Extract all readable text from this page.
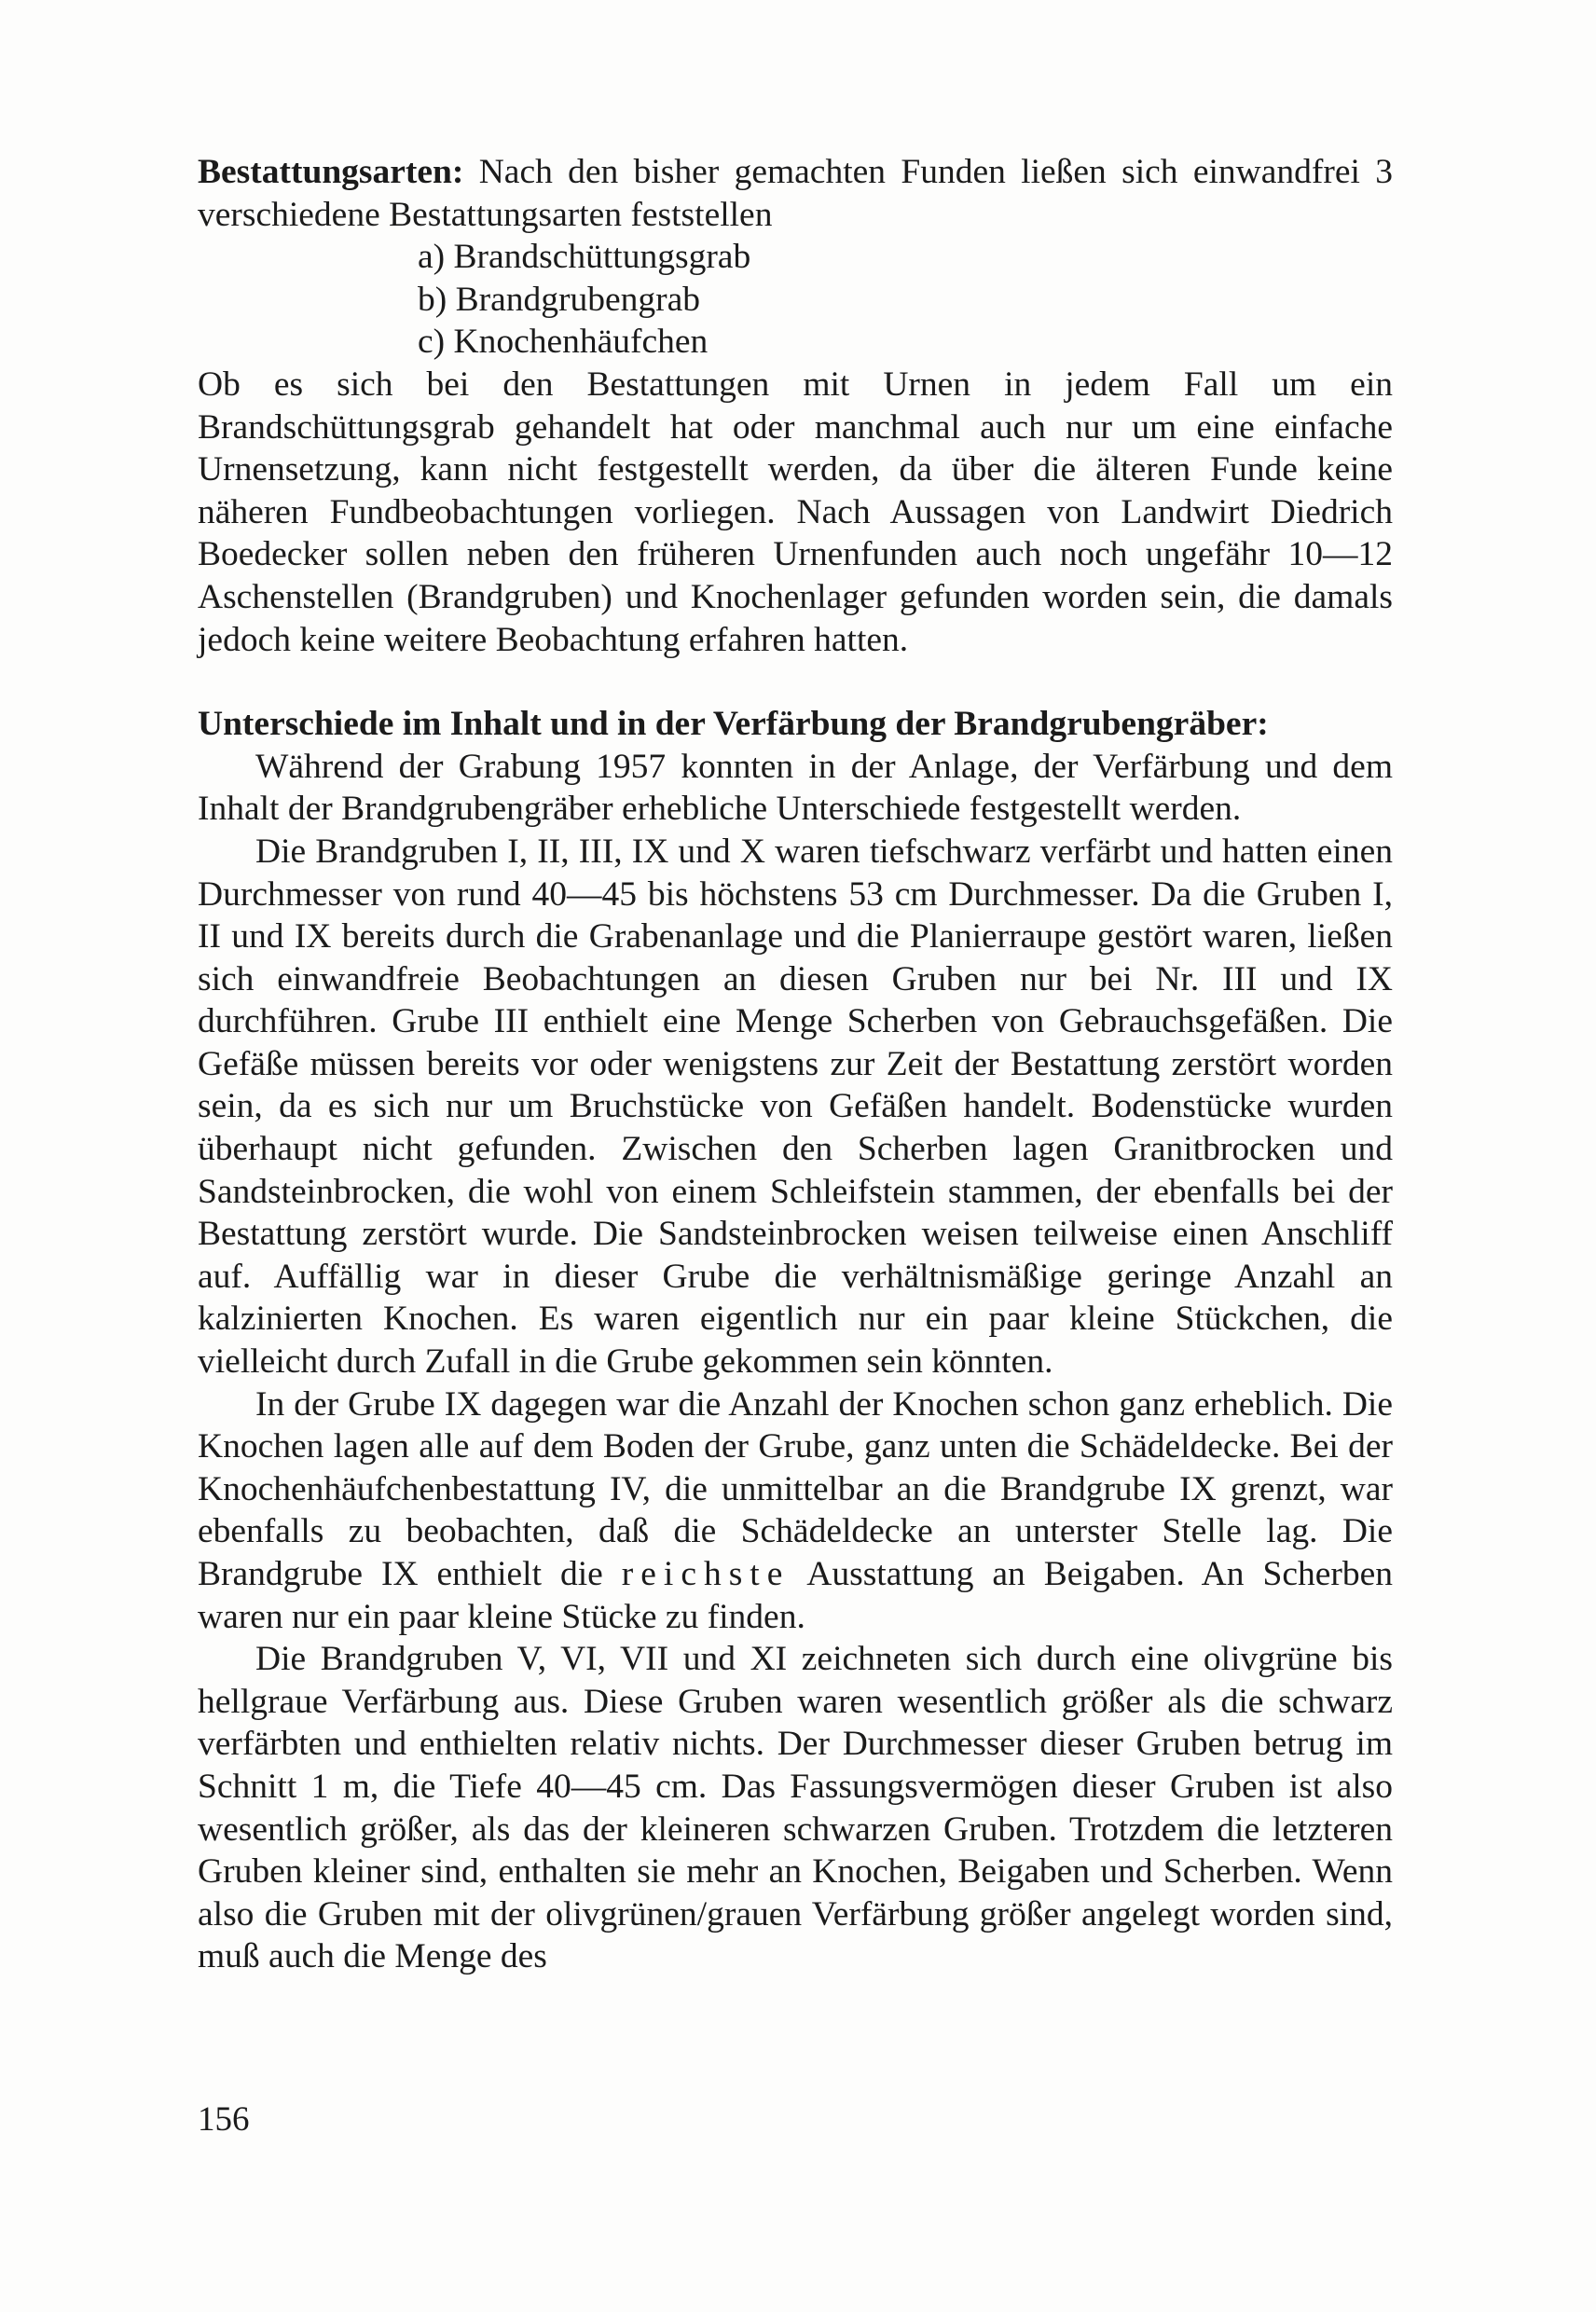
Bestattungsarten: Nach den bisher gemachten Funden ließen sich einwandfrei 3 verschiedene Bestattungsarten feststellen

a) Brandschüttungsgrab

b) Brandgrubengrab

c) Knochenhäufchen

Ob es sich bei den Bestattungen mit Urnen in jedem Fall um ein Brandschüttungsgrab gehandelt hat oder manchmal auch nur um eine einfache Urnensetzung, kann nicht festgestellt werden, da über die älteren Funde keine näheren Fundbeobachtungen vorliegen. Nach Aussagen von Landwirt Diedrich Boedecker sollen neben den früheren Urnenfunden auch noch ungefähr 10—12 Aschenstellen (Brandgruben) und Knochenlager gefunden worden sein, die damals jedoch keine weitere Beobachtung erfahren hatten.

Unterschiede im Inhalt und in der Verfärbung der Brandgrubengräber:

Während der Grabung 1957 konnten in der Anlage, der Verfärbung und dem Inhalt der Brandgrubengräber erhebliche Unterschiede festgestellt werden.

Die Brandgruben I, II, III, IX und X waren tiefschwarz verfärbt und hatten einen Durchmesser von rund 40—45 bis höchstens 53 cm Durchmesser. Da die Gruben I, II und IX bereits durch die Grabenanlage und die Planierraupe gestört waren, ließen sich einwandfreie Beobachtungen an diesen Gruben nur bei Nr. III und IX durchführen. Grube III enthielt eine Menge Scherben von Gebrauchsgefäßen. Die Gefäße müssen bereits vor oder wenigstens zur Zeit der Bestattung zerstört worden sein, da es sich nur um Bruchstücke von Gefäßen handelt. Bodenstücke wurden überhaupt nicht gefunden. Zwischen den Scherben lagen Granitbrocken und Sandsteinbrocken, die wohl von einem Schleifstein stammen, der ebenfalls bei der Bestattung zerstört wurde. Die Sandsteinbrocken weisen teilweise einen Anschliff auf. Auffällig war in dieser Grube die verhältnismäßige geringe Anzahl an kalzinierten Knochen. Es waren eigentlich nur ein paar kleine Stückchen, die vielleicht durch Zufall in die Grube gekommen sein könnten.

In der Grube IX dagegen war die Anzahl der Knochen schon ganz erheblich. Die Knochen lagen alle auf dem Boden der Grube, ganz unten die Schädeldecke. Bei der Knochenhäufchenbestattung IV, die unmittelbar an die Brandgrube IX grenzt, war ebenfalls zu beobachten, daß die Schädeldecke an unterster Stelle lag. Die Brandgrube IX enthielt die reichste Ausstattung an Beigaben. An Scherben waren nur ein paar kleine Stücke zu finden.

Die Brandgruben V, VI, VII und XI zeichneten sich durch eine olivgrüne bis hellgraue Verfärbung aus. Diese Gruben waren wesentlich größer als die schwarz verfärbten und enthielten relativ nichts. Der Durchmesser dieser Gruben betrug im Schnitt 1 m, die Tiefe 40—45 cm. Das Fassungsvermögen dieser Gruben ist also wesentlich größer, als das der kleineren schwarzen Gruben. Trotzdem die letzteren Gruben kleiner sind, enthalten sie mehr an Knochen, Beigaben und Scherben. Wenn also die Gruben mit der olivgrünen/grauen Verfärbung größer angelegt worden sind, muß auch die Menge des

156
